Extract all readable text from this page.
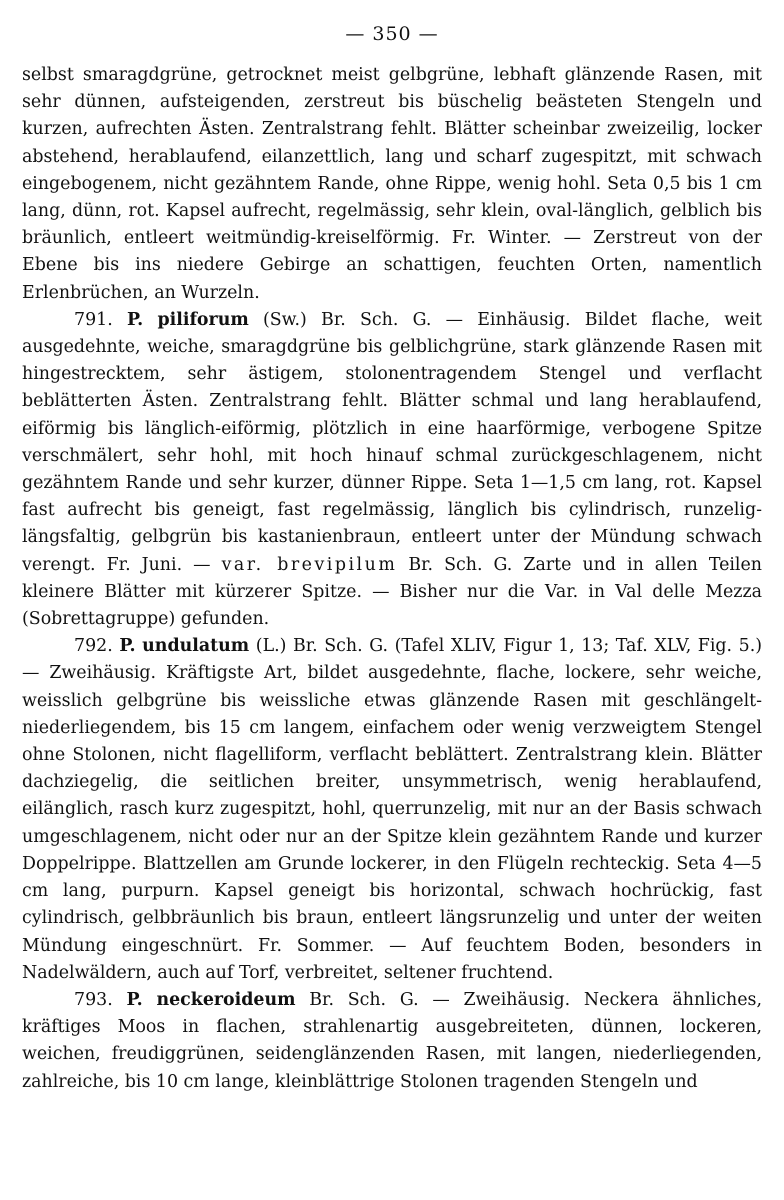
— 350 —

selbst smaragdgrüne, getrocknet meist gelbgrüne, lebhaft glänzende Rasen, mit sehr dünnen, aufsteigenden, zerstreut bis büschelig beästeten Stengeln und kurzen, aufrechten Ästen. Zentralstrang fehlt. Blätter scheinbar zweizeilig, locker abstehend, herablaufend, eilanzettlich, lang und scharf zugespitzt, mit schwach eingebogenem, nicht gezähntem Rande, ohne Rippe, wenig hohl. Seta 0,5 bis 1 cm lang, dünn, rot. Kapsel aufrecht, regelmässig, sehr klein, oval-länglich, gelblich bis bräunlich, entleert weitmündig-kreiselförmig. Fr. Winter. — Zerstreut von der Ebene bis ins niedere Gebirge an schattigen, feuchten Orten, namentlich Erlenbrüchen, an Wurzeln.

791. P. piliforum (Sw.) Br. Sch. G. — Einhäusig. Bildet flache, weit ausgedehnte, weiche, smaragdgrüne bis gelblichgrüne, stark glänzende Rasen mit hingestrecktem, sehr ästigem, stolonentragendem Stengel und verflacht beblätterten Ästen. Zentralstrang fehlt. Blätter schmal und lang herablaufend, eiförmig bis länglich-eiförmig, plötzlich in eine haarförmige, verbogene Spitze verschmälert, sehr hohl, mit hoch hinauf schmal zurückgeschlagenem, nicht gezähntem Rande und sehr kurzer, dünner Rippe. Seta 1—1,5 cm lang, rot. Kapsel fast aufrecht bis geneigt, fast regelmässig, länglich bis cylindrisch, runzelig-längsfaltig, gelbgrün bis kastanienbraun, entleert unter der Mündung schwach verengt. Fr. Juni. — var. brevipilum Br. Sch. G. Zarte und in allen Teilen kleinere Blätter mit kürzerer Spitze. — Bisher nur die Var. in Val delle Mezza (Sobrettagruppe) gefunden.

792. P. undulatum (L.) Br. Sch. G. (Tafel XLIV, Figur 1, 13; Taf. XLV, Fig. 5.) — Zweihäusig. Kräftigste Art, bildet ausgedehnte, flache, lockere, sehr weiche, weisslich gelbgrüne bis weissliche etwas glänzende Rasen mit geschlängelt-niederliegendem, bis 15 cm langem, einfachem oder wenig verzweigtem Stengel ohne Stolonen, nicht flagelliform, verflacht beblättert. Zentralstrang klein. Blätter dachziegelig, die seitlichen breiter, unsymmetrisch, wenig herablaufend, eilänglich, rasch kurz zugespitzt, hohl, querrunzelig, mit nur an der Basis schwach umgeschlagenem, nicht oder nur an der Spitze klein gezähntem Rande und kurzer Doppelrippe. Blattzellen am Grunde lockerer, in den Flügeln rechteckig. Seta 4—5 cm lang, purpurn. Kapsel geneigt bis horizontal, schwach hochrückig, fast cylindrisch, gelbbräunlich bis braun, entleert längsrunzelig und unter der weiten Mündung eingeschnürt. Fr. Sommer. — Auf feuchtem Boden, besonders in Nadelwäldern, auch auf Torf, verbreitet, seltener fruchtend.

793. P. neckeroideum Br. Sch. G. — Zweihäusig. Neckera ähnliches, kräftiges Moos in flachen, strahlenartig ausgebreiteten, dünnen, lockeren, weichen, freudiggrünen, seidenglänzenden Rasen, mit langen, niederliegenden, zahlreiche, bis 10 cm lange, kleinblättrige Stolonen tragenden Stengeln und
